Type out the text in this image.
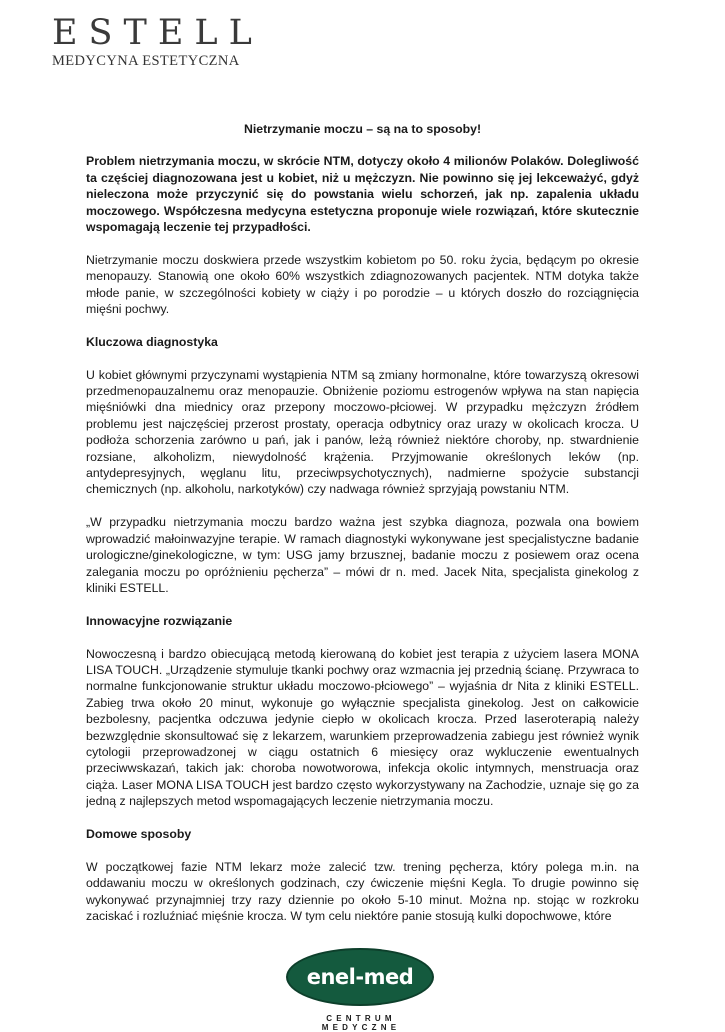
ESTELL
MEDYCYNA ESTETYCZNA
Nietrzymanie moczu – są na to sposoby!

Problem nietrzymania moczu, w skrócie NTM, dotyczy około 4 milionów Polaków. Dolegliwość ta częściej diagnozowana jest u kobiet, niż u mężczyzn. Nie powinno się jej lekceważyć, gdyż nieleczona może przyczynić się do powstania wielu schorzeń, jak np. zapalenia układu moczowego. Współczesna medycyna estetyczna proponuje wiele rozwiązań, które skutecznie wspomagają leczenie tej przypadłości.

Nietrzymanie moczu doskwiera przede wszystkim kobietom po 50. roku życia, będącym po okresie menopauzy. Stanowią one około 60% wszystkich zdiagnozowanych pacjentek. NTM dotyka także młode panie, w szczególności kobiety w ciąży i po porodzie – u których doszło do rozciągnięcia mięśni pochwy.

Kluczowa diagnostyka

U kobiet głównymi przyczynami wystąpienia NTM są zmiany hormonalne, które towarzyszą okresowi przedmenopauzalnemu oraz menopauzie. Obniżenie poziomu estrogenów wpływa na stan napięcia mięśniówki dna miednicy oraz przepony moczowo-płciowej. W przypadku mężczyzn źródłem problemu jest najczęściej przerost prostaty, operacja odbytnicy oraz urazy w okolicach krocza. U podłoża schorzenia zarówno u pań, jak i panów, leżą również niektóre choroby, np. stwardnienie rozsiane, alkoholizm, niewydolność krążenia. Przyjmowanie określonych leków (np. antydepresyjnych, węglanu litu, przeciwpsychotycznych), nadmierne spożycie substancji chemicznych (np. alkoholu, narkotyków) czy nadwaga również sprzyjają powstaniu NTM.

„W przypadku nietrzymania moczu bardzo ważna jest szybka diagnoza, pozwala ona bowiem wprowadzić małoinwazyjne terapie. W ramach diagnostyki wykonywane jest specjalistyczne badanie urologiczne/ginekologiczne, w tym: USG jamy brzusznej, badanie moczu z posiewem oraz ocena zalegania moczu po opróżnieniu pęcherza” – mówi dr n. med. Jacek Nita, specjalista ginekolog z kliniki ESTELL.

Innowacyjne rozwiązanie

Nowoczesną i bardzo obiecującą metodą kierowaną do kobiet jest terapia z użyciem lasera MONA LISA TOUCH. „Urządzenie stymuluje tkanki pochwy oraz wzmacnia jej przednią ścianę. Przywraca to normalne funkcjonowanie struktur układu moczowo-płciowego” – wyjaśnia dr Nita z kliniki ESTELL. Zabieg trwa około 20 minut, wykonuje go wyłącznie specjalista ginekolog. Jest on całkowicie bezbolesny, pacjentka odczuwa jedynie ciepło w okolicach krocza. Przed laseroterapią należy bezwzględnie skonsultować się z lekarzem, warunkiem przeprowadzenia zabiegu jest również wynik cytologii przeprowadzonej w ciągu ostatnich 6 miesięcy oraz wykluczenie ewentualnych przeciwwskazań, takich jak: choroba nowotworowa, infekcja okolic intymnych, menstruacja oraz ciąża. Laser MONA LISA TOUCH jest bardzo często wykorzystywany na Zachodzie, uznaje się go za jedną z najlepszych metod wspomagających leczenie nietrzymania moczu.

Domowe sposoby

W początkowej fazie NTM lekarz może zalecić tzw. trening pęcherza, który polega m.in. na oddawaniu moczu w określonych godzinach, czy ćwiczenie mięśni Kegla. To drugie powinno się wykonywać przynajmniej trzy razy dziennie po około 5-10 minut. Można np. stojąc w rozkroku zaciskać i rozluźniać mięśnie krocza. W tym celu niektóre panie stosują kulki dopochwowe, które

enel-med
CENTRUM MEDYCZNE
